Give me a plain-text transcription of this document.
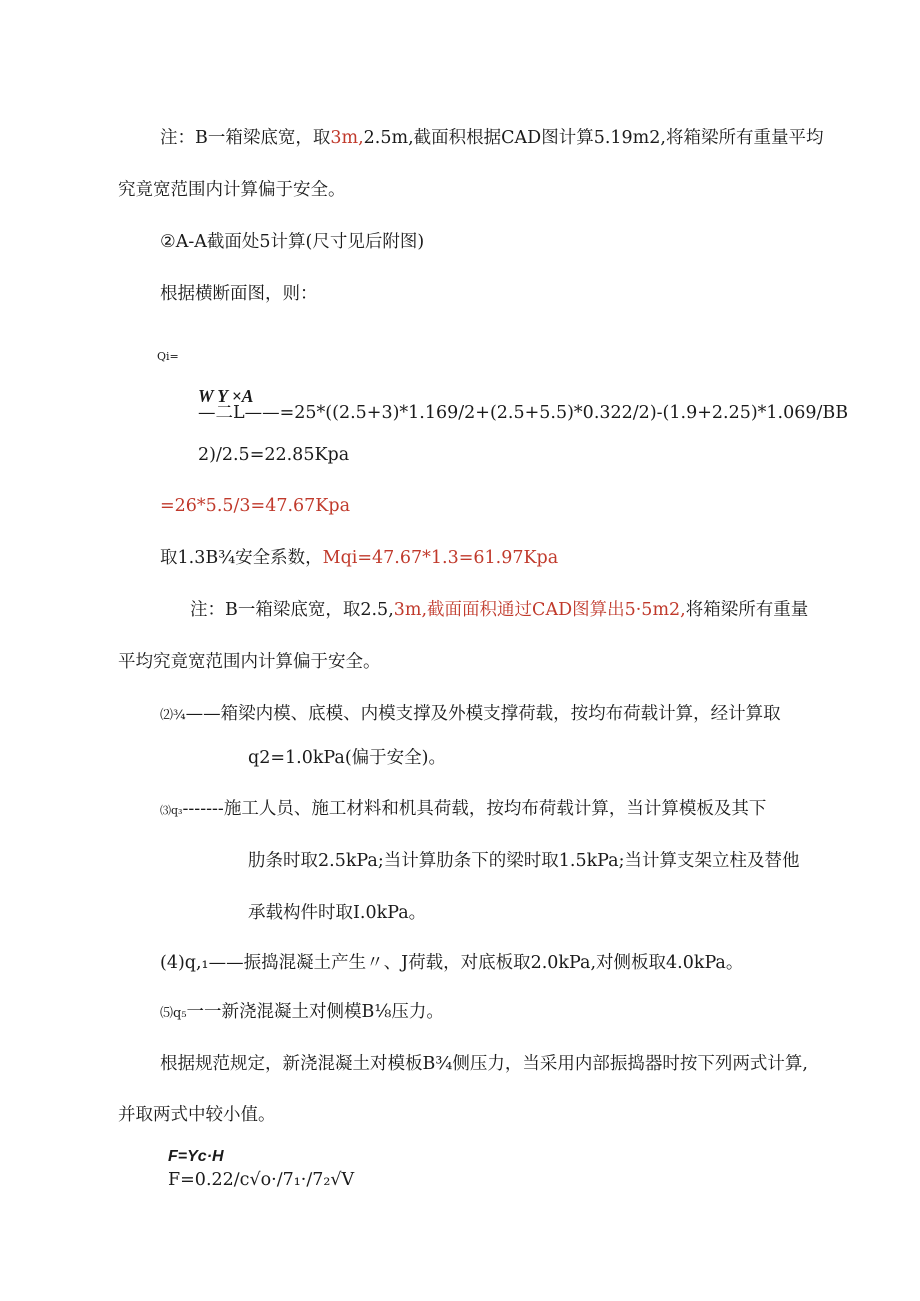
注：B一箱梁底宽，取3m,2.5m,截面积根据CAD图计算5.19m2,将箱梁所有重量平均
究竟宽范围内计算偏于安全。
②A-A截面处5计算(尺寸见后附图)
根据横断面图，则：
Qi=
W Y ×A
—二L——=25*((2.5+3)*1.169/2+(2.5+5.5)*0.322/2)-(1.9+2.25)*1.069/BB
2)/2.5=22.85Kpa
=26*5.5/3=47.67Kpa
取1.3B¾安全系数，Mqi=47.67*1.3=61.97Kpa
注：B一箱梁底宽，取2.5,3m,截面面积通过CAD图算出5·5m2,将箱梁所有重量
平均究竟宽范围内计算偏于安全。
⑵¾——箱梁内模、底模、内模支撑及外模支撑荷载，按均布荷载计算，经计算取
q2=1.0kPa(偏于安全)。
⑶q₃-------施工人员、施工材料和机具荷载，按均布荷载计算，当计算模板及其下
肋条时取2.5kPa;当计算肋条下的梁时取1.5kPa;当计算支架立柱及替他
承载构件时取I.0kPa。
(4)q,₁——振捣混凝土产生〃、J荷载，对底板取2.0kPa,对侧板取4.0kPa。
⑸q₅一一新浇混凝土对侧模B⅛压力。
根据规范规定，新浇混凝土对模板B¾侧压力，当采用内部振捣器时按下列两式计算,
并取两式中较小值。
F=Yc·H
F=0.22∕c√o·∕7₁·∕7₂√V
